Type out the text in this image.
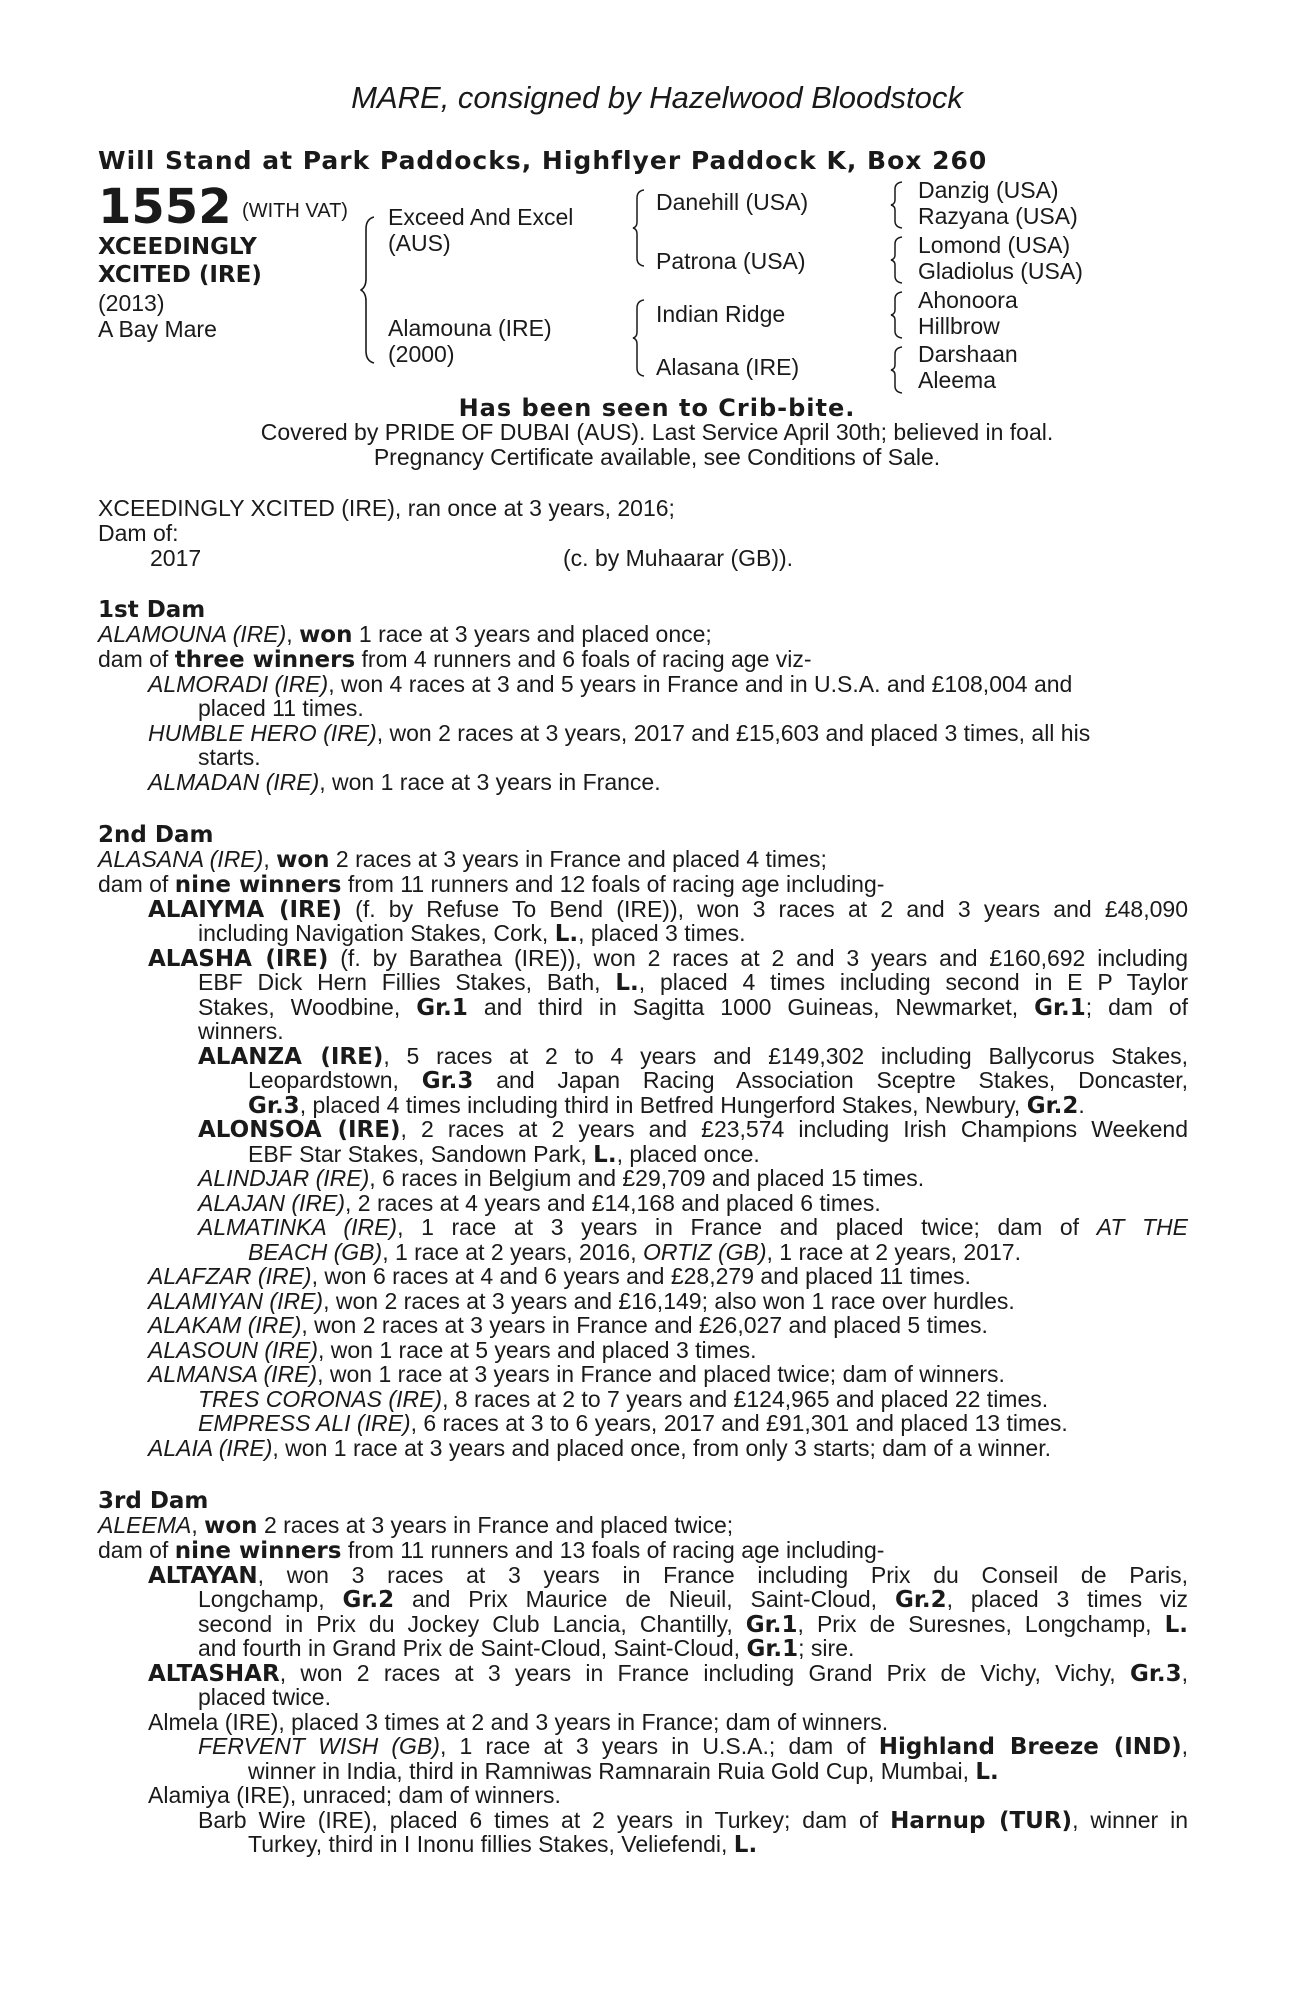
MARE, consigned by Hazelwood Bloodstock
Will Stand at Park Paddocks, Highflyer Paddock K, Box 260
1552 (WITH VAT)
XCEEDINGLY
XCITED (IRE)
(2013)
A Bay Mare
Exceed And Excel
(AUS)
Alamouna (IRE)
(2000)
Danehill (USA)
Patrona (USA)
Indian Ridge
Alasana (IRE)
Danzig (USA)
Razyana (USA)
Lomond (USA)
Gladiolus (USA)
Ahonoora
Hillbrow
Darshaan
Aleema
Has been seen to Crib-bite.
Covered by PRIDE OF DUBAI (AUS). Last Service April 30th; believed in foal.
Pregnancy Certificate available, see Conditions of Sale.
XCEEDINGLY XCITED (IRE), ran once at 3 years, 2016;
Dam of:
2017	(c. by Muhaarar (GB)).
1st Dam
ALAMOUNA (IRE), won 1 race at 3 years and placed once;
dam of three winners from 4 runners and 6 foals of racing age viz-
ALMORADI (IRE), won 4 races at 3 and 5 years in France and in U.S.A. and £108,004 and
placed 11 times.
HUMBLE HERO (IRE), won 2 races at 3 years, 2017 and £15,603 and placed 3 times, all his
starts.
ALMADAN (IRE), won 1 race at 3 years in France.
2nd Dam
ALASANA (IRE), won 2 races at 3 years in France and placed 4 times;
dam of nine winners from 11 runners and 12 foals of racing age including-
ALAIYMA (IRE) (f. by Refuse To Bend (IRE)), won 3 races at 2 and 3 years and £48,090
including Navigation Stakes, Cork, L., placed 3 times.
ALASHA (IRE) (f. by Barathea (IRE)), won 2 races at 2 and 3 years and £160,692 including
EBF Dick Hern Fillies Stakes, Bath, L., placed 4 times including second in E P Taylor
Stakes, Woodbine, Gr.1 and third in Sagitta 1000 Guineas, Newmarket, Gr.1; dam of
winners.
ALANZA (IRE), 5 races at 2 to 4 years and £149,302 including Ballycorus Stakes,
Leopardstown, Gr.3 and Japan Racing Association Sceptre Stakes, Doncaster,
Gr.3, placed 4 times including third in Betfred Hungerford Stakes, Newbury, Gr.2.
ALONSOA (IRE), 2 races at 2 years and £23,574 including Irish Champions Weekend
EBF Star Stakes, Sandown Park, L., placed once.
ALINDJAR (IRE), 6 races in Belgium and £29,709 and placed 15 times.
ALAJAN (IRE), 2 races at 4 years and £14,168 and placed 6 times.
ALMATINKA (IRE), 1 race at 3 years in France and placed twice; dam of AT THE
BEACH (GB), 1 race at 2 years, 2016, ORTIZ (GB), 1 race at 2 years, 2017.
ALAFZAR (IRE), won 6 races at 4 and 6 years and £28,279 and placed 11 times.
ALAMIYAN (IRE), won 2 races at 3 years and £16,149; also won 1 race over hurdles.
ALAKAM (IRE), won 2 races at 3 years in France and £26,027 and placed 5 times.
ALASOUN (IRE), won 1 race at 5 years and placed 3 times.
ALMANSA (IRE), won 1 race at 3 years in France and placed twice; dam of winners.
TRES CORONAS (IRE), 8 races at 2 to 7 years and £124,965 and placed 22 times.
EMPRESS ALI (IRE), 6 races at 3 to 6 years, 2017 and £91,301 and placed 13 times.
ALAIA (IRE), won 1 race at 3 years and placed once, from only 3 starts; dam of a winner.
3rd Dam
ALEEMA, won 2 races at 3 years in France and placed twice;
dam of nine winners from 11 runners and 13 foals of racing age including-
ALTAYAN, won 3 races at 3 years in France including Prix du Conseil de Paris,
Longchamp, Gr.2 and Prix Maurice de Nieuil, Saint-Cloud, Gr.2, placed 3 times viz
second in Prix du Jockey Club Lancia, Chantilly, Gr.1, Prix de Suresnes, Longchamp, L.
and fourth in Grand Prix de Saint-Cloud, Saint-Cloud, Gr.1; sire.
ALTASHAR, won 2 races at 3 years in France including Grand Prix de Vichy, Vichy, Gr.3,
placed twice.
Almela (IRE), placed 3 times at 2 and 3 years in France; dam of winners.
FERVENT WISH (GB), 1 race at 3 years in U.S.A.; dam of Highland Breeze (IND),
winner in India, third in Ramniwas Ramnarain Ruia Gold Cup, Mumbai, L.
Alamiya (IRE), unraced; dam of winners.
Barb Wire (IRE), placed 6 times at 2 years in Turkey; dam of Harnup (TUR), winner in
Turkey, third in I Inonu fillies Stakes, Veliefendi, L.
